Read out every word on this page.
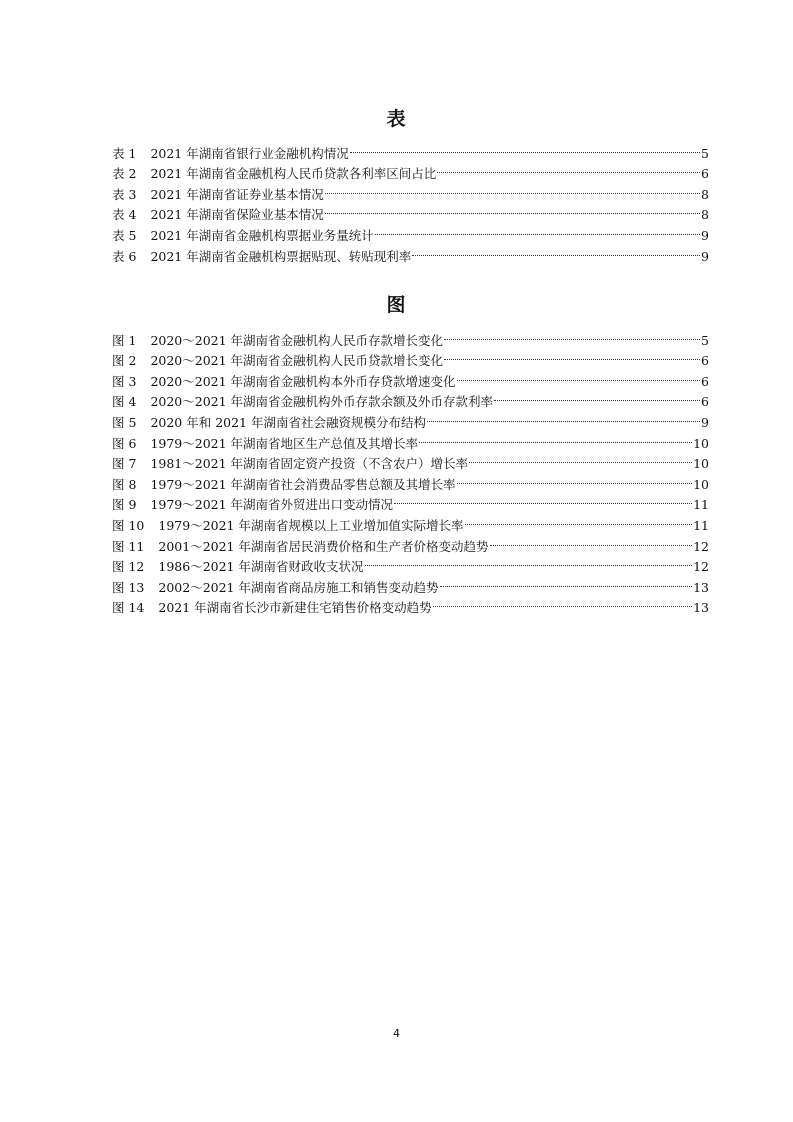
表
表 1 2021 年湖南省银行业金融机构情况	5
表 2 2021 年湖南省金融机构人民币贷款各利率区间占比	6
表 3 2021 年湖南省证券业基本情况	8
表 4 2021 年湖南省保险业基本情况	8
表 5 2021 年湖南省金融机构票据业务量统计	9
表 6 2021 年湖南省金融机构票据贴现、转贴现利率	9
图
图 1 2020～2021 年湖南省金融机构人民币存款增长变化	5
图 2 2020～2021 年湖南省金融机构人民币贷款增长变化	6
图 3 2020～2021 年湖南省金融机构本外币存贷款增速变化	6
图 4 2020～2021 年湖南省金融机构外币存款余额及外币存款利率	6
图 5 2020 年和 2021 年湖南省社会融资规模分布结构	9
图 6 1979～2021 年湖南省地区生产总值及其增长率	10
图 7 1981～2021 年湖南省固定资产投资（不含农户）增长率	10
图 8 1979～2021 年湖南省社会消费品零售总额及其增长率	10
图 9 1979～2021 年湖南省外贸进出口变动情况	11
图 10 1979～2021 年湖南省规模以上工业增加值实际增长率	11
图 11 2001～2021 年湖南省居民消费价格和生产者价格变动趋势	12
图 12 1986～2021 年湖南省财政收支状况	12
图 13 2002～2021 年湖南省商品房施工和销售变动趋势	13
图 14 2021 年湖南省长沙市新建住宅销售价格变动趋势	13
4
